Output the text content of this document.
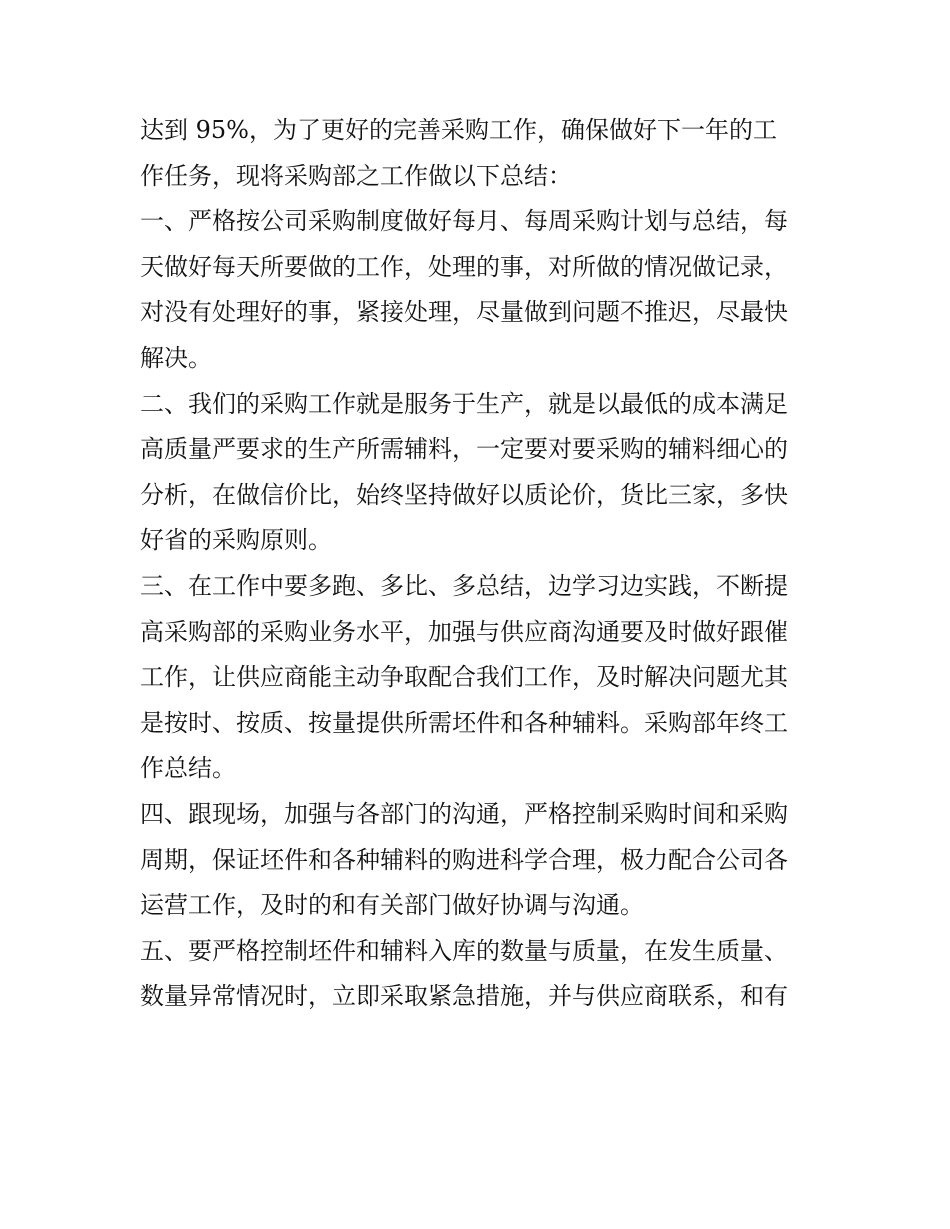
达到 95%，为了更好的完善采购工作，确保做好下一年的工
作任务，现将采购部之工作做以下总结：
一、严格按公司采购制度做好每月、每周采购计划与总结，每
天做好每天所要做的工作，处理的事，对所做的情况做记录，
对没有处理好的事，紧接处理，尽量做到问题不推迟，尽最快
解决。
二、我们的采购工作就是服务于生产，就是以最低的成本满足
高质量严要求的生产所需辅料，一定要对要采购的辅料细心的
分析，在做信价比，始终坚持做好以质论价，货比三家，多快
好省的采购原则。
三、在工作中要多跑、多比、多总结，边学习边实践，不断提
高采购部的采购业务水平，加强与供应商沟通要及时做好跟催
工作，让供应商能主动争取配合我们工作，及时解决问题尤其
是按时、按质、按量提供所需坯件和各种辅料。采购部年终工
作总结。
四、跟现场，加强与各部门的沟通，严格控制采购时间和采购
周期，保证坯件和各种辅料的购进科学合理，极力配合公司各
运营工作，及时的和有关部门做好协调与沟通。
五、要严格控制坯件和辅料入库的数量与质量，在发生质量、
数量异常情况时，立即采取紧急措施，并与供应商联系，和有
